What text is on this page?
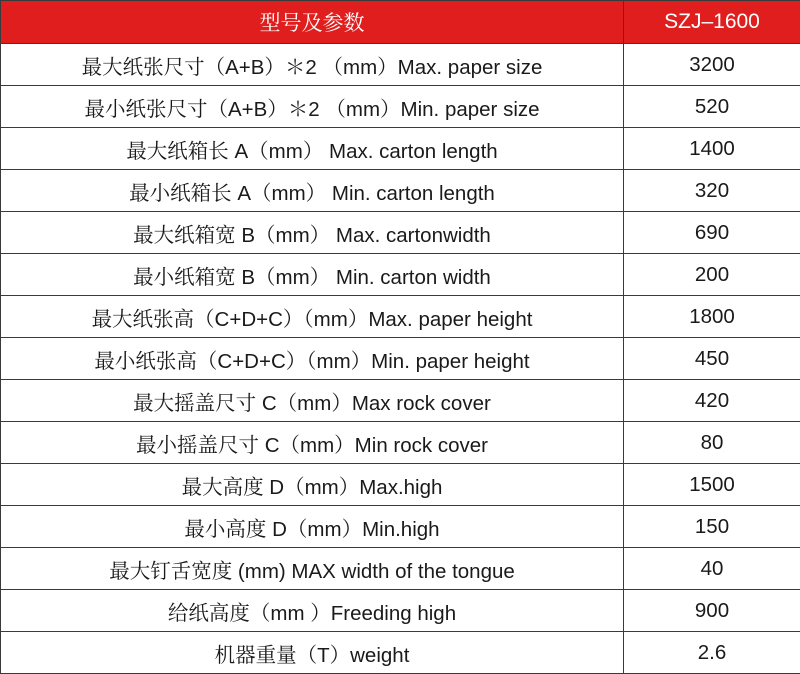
型号及参数	SZJ–1600
最大纸张尺寸（A+B）＊2 （mm）Max. paper size	3200
最小纸张尺寸（A+B）＊2 （mm）Min. paper size	520
最大纸箱长 A（mm） Max. carton length	1400
最小纸箱长 A（mm） Min. carton length	320
最大纸箱宽 B（mm） Max. cartonwidth	690
最小纸箱宽 B（mm） Min. carton width	200
最大纸张高（C+D+C）（mm）Max. paper height	1800
最小纸张高（C+D+C）（mm）Min. paper height	450
最大摇盖尺寸 C（mm）Max rock cover	420
最小摇盖尺寸 C（mm）Min rock cover	80
最大高度 D（mm）Max.high	1500
最小高度 D（mm）Min.high	150
最大钉舌宽度 (mm) MAX width of the tongue	40
给纸高度（mm ）Freeding high	900
机器重量（T）weight	2.6
